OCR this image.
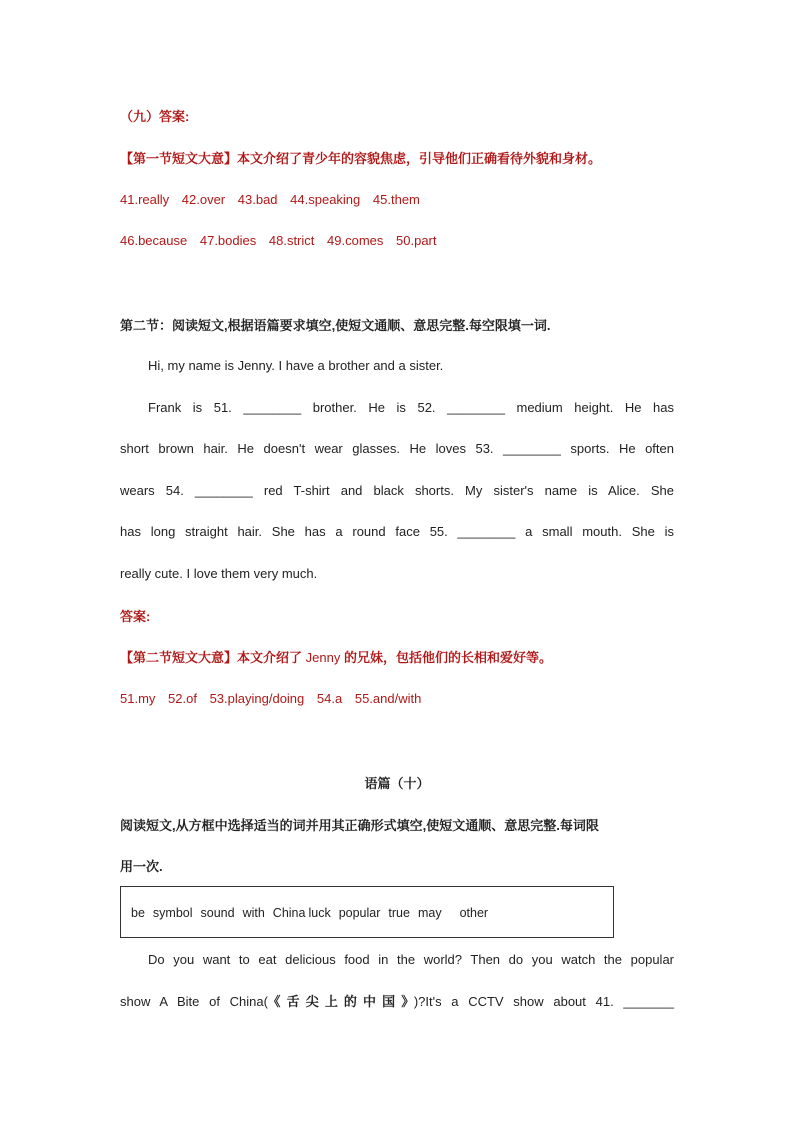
（九）答案:
【第一节短文大意】本文介绍了青少年的容貌焦虑，引导他们正确看待外貌和身材。
41.really 42.over 43.bad 44.speaking 45.them
46.because 47.bodies 48.strict 49.comes 50.part
第二节：阅读短文,根据语篇要求填空,使短文通顺、意思完整.每空限填一词.
Hi, my name is Jenny. I have a brother and a sister.
Frank is 51. ________ brother. He is 52. ________ medium height. He has
short brown hair. He doesn't wear glasses. He loves 53. ________ sports. He often
wears 54. ________ red T-shirt and black shorts. My sister's name is Alice. She
has long straight hair. She has a round face 55. ________ a small mouth. She is
really cute. I love them very much.
答案:
【第二节短文大意】本文介绍了 Jenny 的兄妹，包括他们的长相和爱好等。
51.my 52.of 53.playing/doing 54.a 55.and/with
语篇（十）
阅读短文,从方框中选择适当的词并用其正确形式填空,使短文通顺、意思完整.每词限
用一次.
be symbol sound with China luck popular true may other
Do you want to eat delicious food in the world? Then do you watch the popular
show A Bite of China(《舌尖上的中国》)?It's a CCTV show about 41. _______
